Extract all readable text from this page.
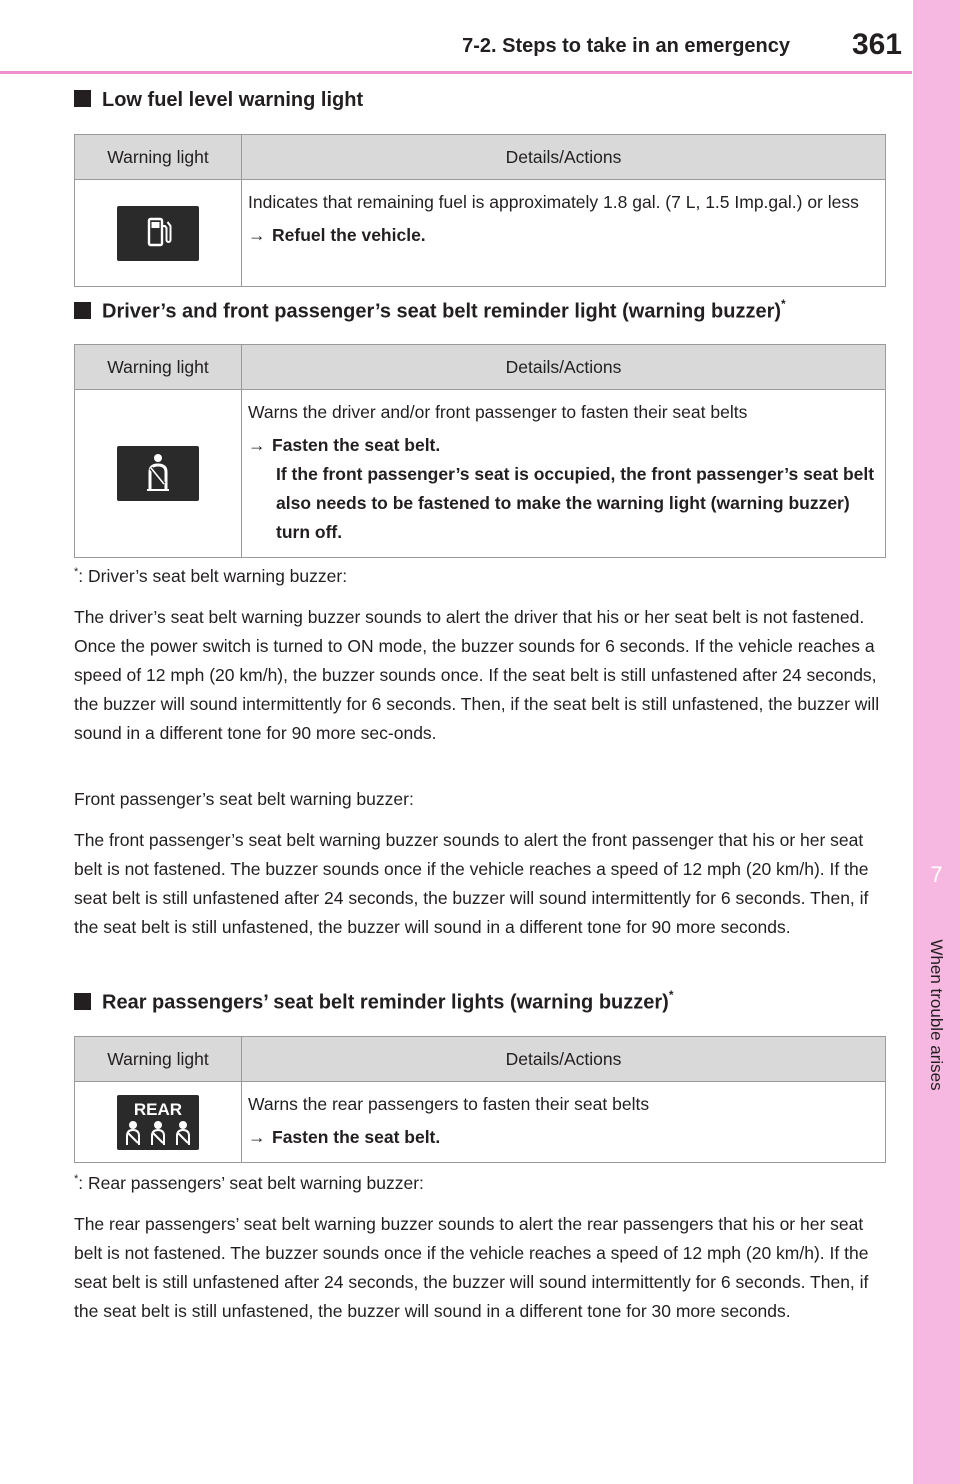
7-2. Steps to take in an emergency	361
7
When trouble arises
Low fuel level warning light
Warning light	Details/Actions

Indicates that remaining fuel is approximately 1.8 gal. (7 L, 1.5 Imp.gal.) or less
→ Refuel the vehicle.
Driver’s and front passenger’s seat belt reminder light (warning buzzer)*
Warning light	Details/Actions

Warns the driver and/or front passenger to fasten their seat belts
→ Fasten the seat belt.
If the front passenger’s seat is occupied, the front passenger’s seat belt also needs to be fastened to make the warning light (warning buzzer) turn off.
*: Driver’s seat belt warning buzzer:
The driver’s seat belt warning buzzer sounds to alert the driver that his or her seat belt is not fastened. Once the power switch is turned to ON mode, the buzzer sounds for 6 seconds. If the vehicle reaches a speed of 12 mph (20 km/h), the buzzer sounds once. If the seat belt is still unfastened after 24 seconds, the buzzer will sound intermittently for 6 seconds. Then, if the seat belt is still unfastened, the buzzer will sound in a different tone for 90 more sec-onds.
Front passenger’s seat belt warning buzzer:
The front passenger’s seat belt warning buzzer sounds to alert the front passenger that his or her seat belt is not fastened. The buzzer sounds once if the vehicle reaches a speed of 12 mph (20 km/h). If the seat belt is still unfastened after 24 seconds, the buzzer will sound intermittently for 6 seconds. Then, if the seat belt is still unfastened, the buzzer will sound in a different tone for 90 more seconds.
Rear passengers’ seat belt reminder lights (warning buzzer)*
Warning light	Details/Actions

REAR	Warns the rear passengers to fasten their seat belts
→ Fasten the seat belt.
*: Rear passengers’ seat belt warning buzzer:
The rear passengers’ seat belt warning buzzer sounds to alert the rear passengers that his or her seat belt is not fastened. The buzzer sounds once if the vehicle reaches a speed of 12 mph (20 km/h). If the seat belt is still unfastened after 24 seconds, the buzzer will sound intermittently for 6 seconds. Then, if the seat belt is still unfastened, the buzzer will sound in a different tone for 30 more seconds.
